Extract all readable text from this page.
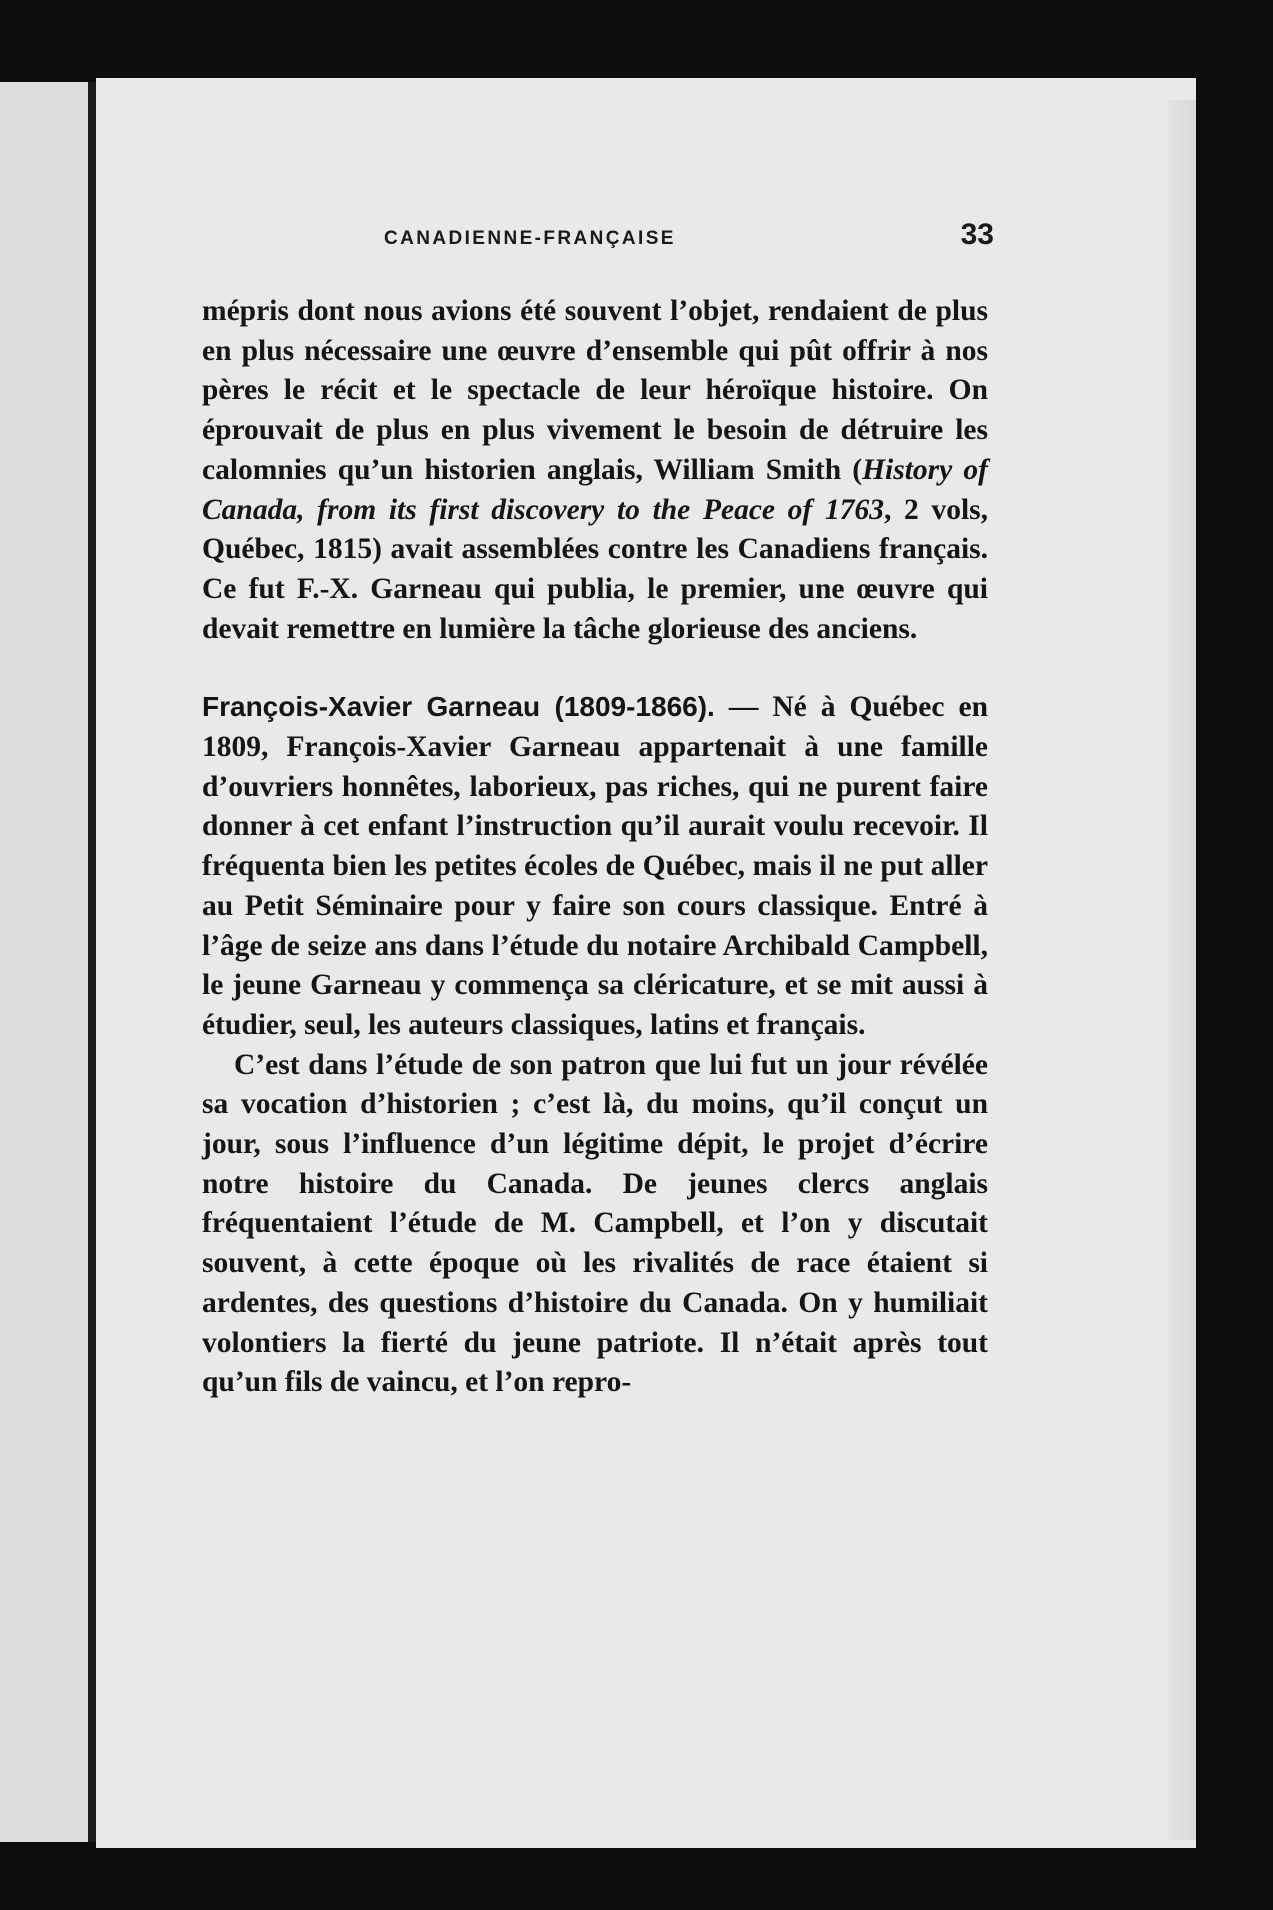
CANADIENNE-FRANÇAISE	33

mépris dont nous avions été souvent l’objet, rendaient de plus en plus nécessaire une œuvre d’ensemble qui pût offrir à nos pères le récit et le spectacle de leur héroïque histoire. On éprouvait de plus en plus vivement le besoin de détruire les calomnies qu’un historien anglais, William Smith (History of Canada, from its first discovery to the Peace of 1763, 2 vols, Québec, 1815) avait assemblées contre les Canadiens français. Ce fut F.-X. Garneau qui publia, le premier, une œuvre qui devait remettre en lumière la tâche glorieuse des anciens.

François-Xavier Garneau (1809-1866). — Né à Québec en 1809, François-Xavier Garneau appartenait à une famille d’ouvriers honnêtes, laborieux, pas riches, qui ne purent faire donner à cet enfant l’instruction qu’il aurait voulu recevoir. Il fréquenta bien les petites écoles de Québec, mais il ne put aller au Petit Séminaire pour y faire son cours classique. Entré à l’âge de seize ans dans l’étude du notaire Archibald Campbell, le jeune Garneau y commença sa cléricature, et se mit aussi à étudier, seul, les auteurs classiques, latins et français.

C’est dans l’étude de son patron que lui fut un jour révélée sa vocation d’historien ; c’est là, du moins, qu’il conçut un jour, sous l’influence d’un légitime dépit, le projet d’écrire notre histoire du Canada. De jeunes clercs anglais fréquentaient l’étude de M. Campbell, et l’on y discutait souvent, à cette époque où les rivalités de race étaient si ardentes, des questions d’histoire du Canada. On y humiliait volontiers la fierté du jeune patriote. Il n’était après tout qu’un fils de vaincu, et l’on repro-
